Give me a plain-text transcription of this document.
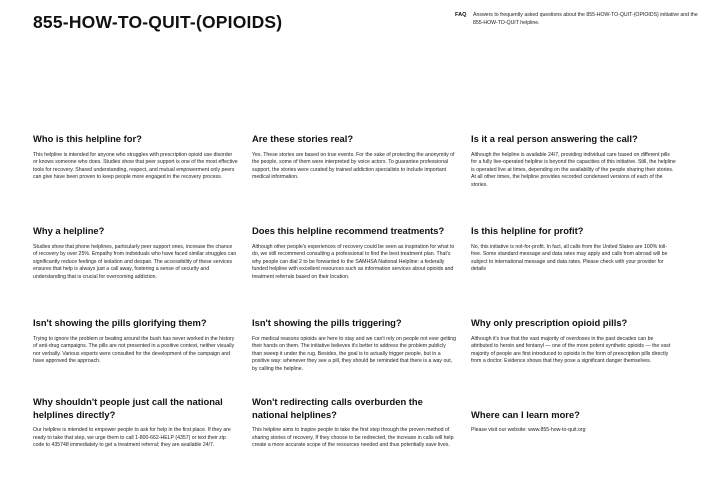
855-HOW-TO-QUIT-(OPIOIDS)	FAQ Answers to frequently asked questions about the 855-HOW-TO-QUIT-(OPIOIDS) initiative and the 855-HOW-TO-QUIT helpline.
Who is this helpline for?

This helpline is intended for anyone who struggles with prescription opioid use disorder or knows someone who does. Studies show that peer support is one of the most effective tools for recovery. Shared understanding, respect, and mutual empowerment only peers can give have been proven to keep people more engaged in the recovery process.

Are these stories real?

Yes. These stories are based on true events. For the sake of protecting the anonymity of the people, some of them were interpreted by voice actors. To guarantee professional support, the stories were curated by trained addiction specialists to include important medical information.

Is it a real person answering the call?

Although the helpline is available 24/7, providing individual care based on different pills for a fully live-operated helpline is beyond the capacities of this initiative. Still, the helpline is operated live at times, depending on the availability of the people sharing their stories. At all other times, the helpline provides recorded condensed versions of each of the stories.

Why a helpline?

Studies show that phone helplines, particularly peer support ones, increase the chance of recovery by over 25%. Empathy from individuals who have faced similar struggles can significantly reduce feelings of isolation and despair. The accessibility of these services ensures that help is always just a call away, fostering a sense of security and understanding that is crucial for overcoming addiction.

Does this helpline recommend treatments?

Although other people's experiences of recovery could be seen as inspiration for what to do, we still recommend consulting a professional to find the best treatment plan. That's why people can dial 2 to be forwarded to the SAMHSA National Helpline: a federally funded helpline with excellent resources such as information services about opioids and treatment referrals based on their location.

Is this helpline for profit?

No, this initiative is not-for-profit. In fact, all calls from the United States are 100% toll-free. Some standard message and data rates may apply and calls from abroad will be subject to international message and data rates. Please check with your provider for details

Isn't showing the pills glorifying them?

Trying to ignore the problem or beating around the bush has never worked in the history of anti-drug campaigns. The pills are not presented in a positive context, neither visually nor verbally. Various experts were consulted for the development of the campaign and have approved the approach.

Isn't showing the pills triggering?

For medical reasons opioids are here to stay and we can't rely on people not ever getting their hands on them. The initiative believes it's better to address the problem publicly than sweep it under the rug. Besides, the goal is to actually trigger people, but in a positive way: whenever they see a pill, they should be reminded that there is a way out, by calling the helpline.

Why only prescription opioid pills?

Although it's true that the vast majority of overdoses in the past decades can be attributed to heroin and fentanyl — one of the more potent synthetic opioids — the vast majority of people are first introduced to opioids in the form of prescription pills directly from a doctor. Evidence shows that they pose a significant danger themselves.

Why shouldn't people just call the national helplines directly?

Our helpline is intended to empower people to ask for help in the first place. If they are ready to take that step, we urge them to call 1-800-662-HELP (4357) or text their zip code to 435748 immediately to get a treatment referral; they are available 24/7.

Won't redirecting calls overburden the national helplines?

This helpline aims to inspire people to take the first step through the proven method of sharing stories of recovery. If they choose to be redirected, the increase in calls will help create a more accurate scope of the resources needed and thus potentially save lives.

Where can I learn more?

Please visit our website: www.855-how-to-quit.org
